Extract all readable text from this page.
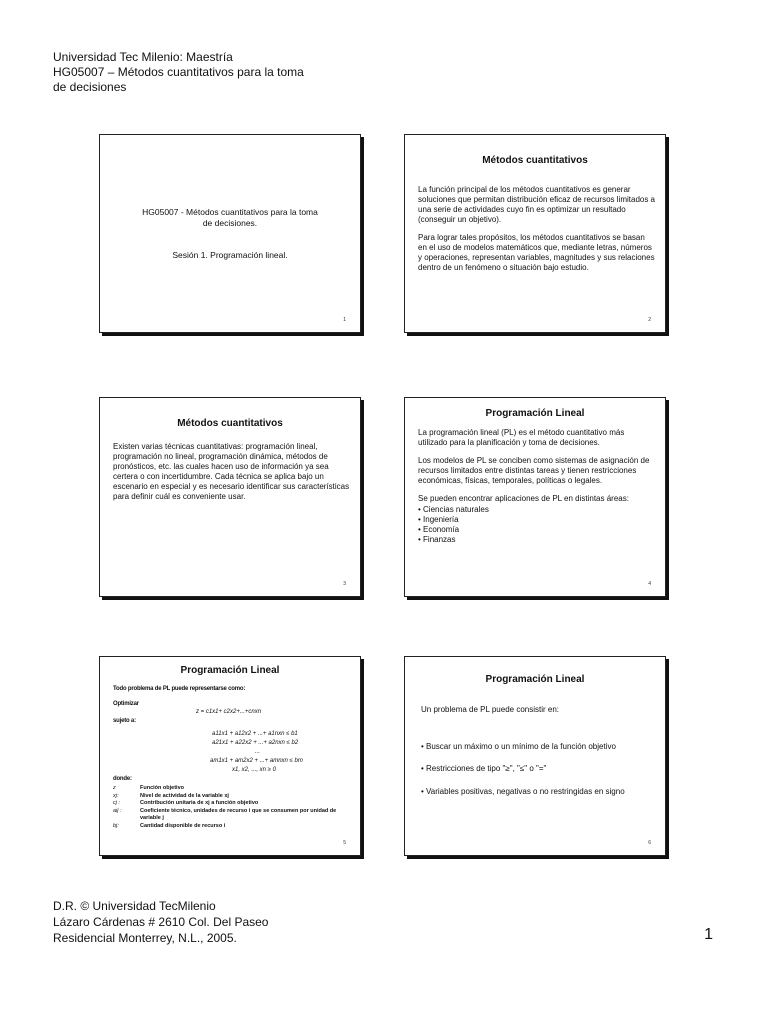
Universidad Tec Milenio: Maestría
HG05007 – Métodos cuantitativos para la toma
de decisiones
HG05007 - Métodos cuantitativos para la toma
de decisiones.
Sesión 1. Programación lineal.
1
Métodos cuantitativos

La función principal de los métodos cuantitativos es generar soluciones que permitan distribución eficaz de recursos limitados a una serie de actividades cuyo fin es optimizar un resultado (conseguir un objetivo).

Para lograr tales propósitos, los métodos cuantitativos se basan en el uso de modelos matemáticos que, mediante letras, números y operaciones, representan variables, magnitudes y sus relaciones dentro de un fenómeno o situación bajo estudio.

2
Métodos cuantitativos

Existen varias técnicas cuantitativas: programación lineal, programación no lineal, programación dinámica, métodos de pronósticos, etc. las cuales hacen uso de información ya sea certera o con incertidumbre. Cada técnica se aplica bajo un escenario en especial y es necesario identificar sus características para definir cuál es conveniente usar.

3
Programación Lineal

La programación lineal (PL) es el método cuantitativo más utilizado para la planificación y toma de decisiones.

Los modelos de PL se conciben como sistemas de asignación de recursos limitados entre distintas tareas y tienen restricciones económicas, físicas, temporales, políticas o legales.

Se pueden encontrar aplicaciones de PL en distintas áreas:

• Ciencias naturales
• Ingeniería
• Economía
• Finanzas
4
Programación Lineal
Todo problema de PL puede representarse como:
Optimizar
z = c1x1+ c2x2+...+cnxn
sujeto a:
a11x1 + a12x2 + ...+ a1nxn ≤ b1
a21x1 + a22x2 + ...+ a2nxn ≤ b2
...
am1x1 + am2x2 + ...+ amnxn ≤ bm
x1, x2, ..., xn ≥ 0
donde:
z	Función objetivo
xj:	Nivel de actividad de la variable xj
cj :	Contribución unitaria de xj a función objetivo
aij :	Coeficiente técnico, unidades de recurso i que se consumen por unidad de variable j
bj:	Cantidad disponible de recurso i
5
Programación Lineal
Un problema de PL puede consistir en:
• Buscar un máximo o un mínimo de la función objetivo
• Restricciones de tipo "≥", "≤" o "="
• Variables positivas, negativas o no restringidas en signo
6
D.R. © Universidad TecMilenio
Lázaro Cárdenas # 2610 Col. Del Paseo
Residencial Monterrey, N.L., 2005.	1
